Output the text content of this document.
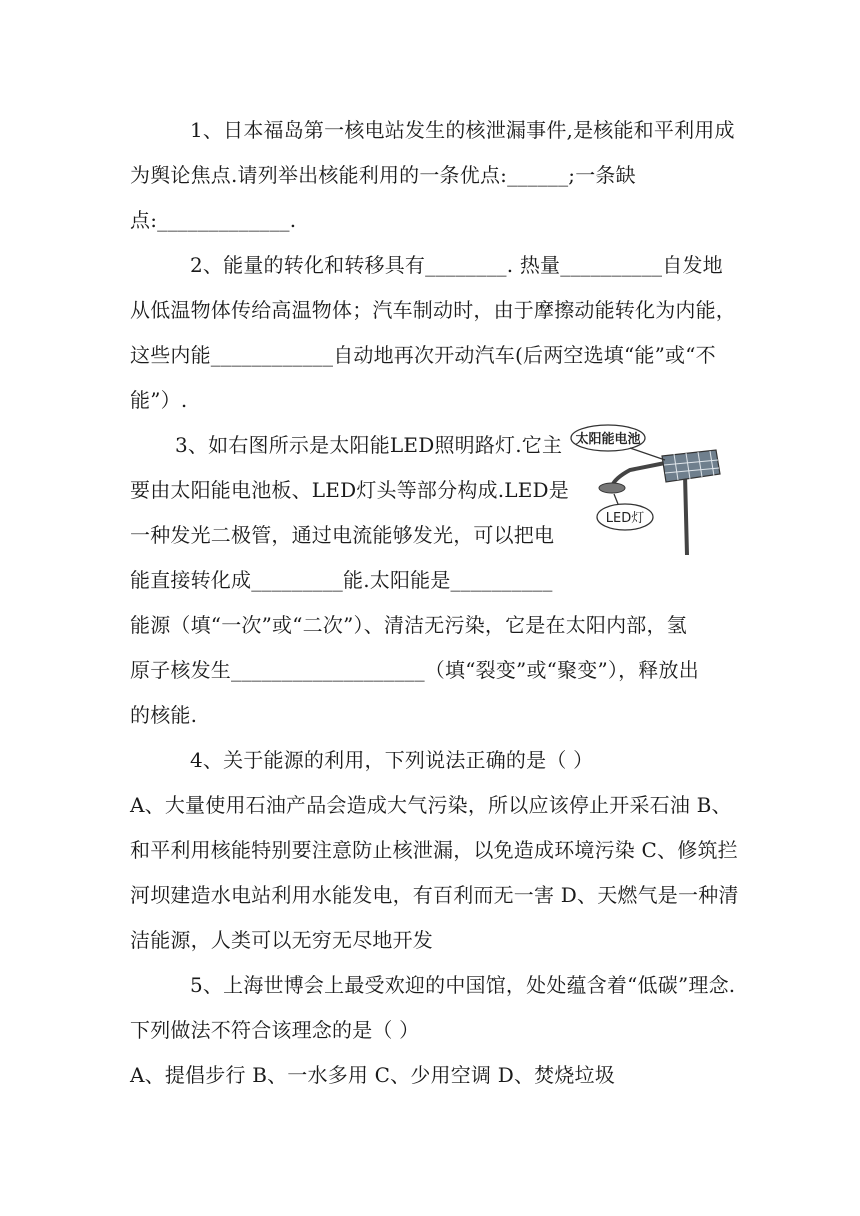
1、日本福岛第一核电站发生的核泄漏事件,是核能和平利用成
为舆论焦点.请列举出核能利用的一条优点:______;一条缺
点:_____________.
2、能量的转化和转移具有________. 热量__________自发地
从低温物体传给高温物体；汽车制动时，由于摩擦动能转化为内能，
这些内能____________自动地再次开动汽车(后两空选填“能”或“不
能”）.
3、如右图所示是太阳能LED照明路灯.它主
要由太阳能电池板、LED灯头等部分构成.LED是
一种发光二极管，通过电流能够发光，可以把电
能直接转化成_________能.太阳能是__________
能源（填“一次”或“二次”）、清洁无污染，它是在太阳内部，氢
原子核发生___________________（填“裂变”或“聚变”），释放出
的核能.
4、关于能源的利用，下列说法正确的是（ ）
A、大量使用石油产品会造成大气污染，所以应该停止开采石油 B、
和平利用核能特别要注意防止核泄漏，以免造成环境污染 C、修筑拦
河坝建造水电站利用水能发电，有百利而无一害 D、天燃气是一种清
洁能源，人类可以无穷无尽地开发
5、上海世博会上最受欢迎的中国馆，处处蕴含着“低碳”理念.
下列做法不符合该理念的是（ ）
A、提倡步行 B、一水多用 C、少用空调 D、焚烧垃圾
太阳能电池
LED灯
